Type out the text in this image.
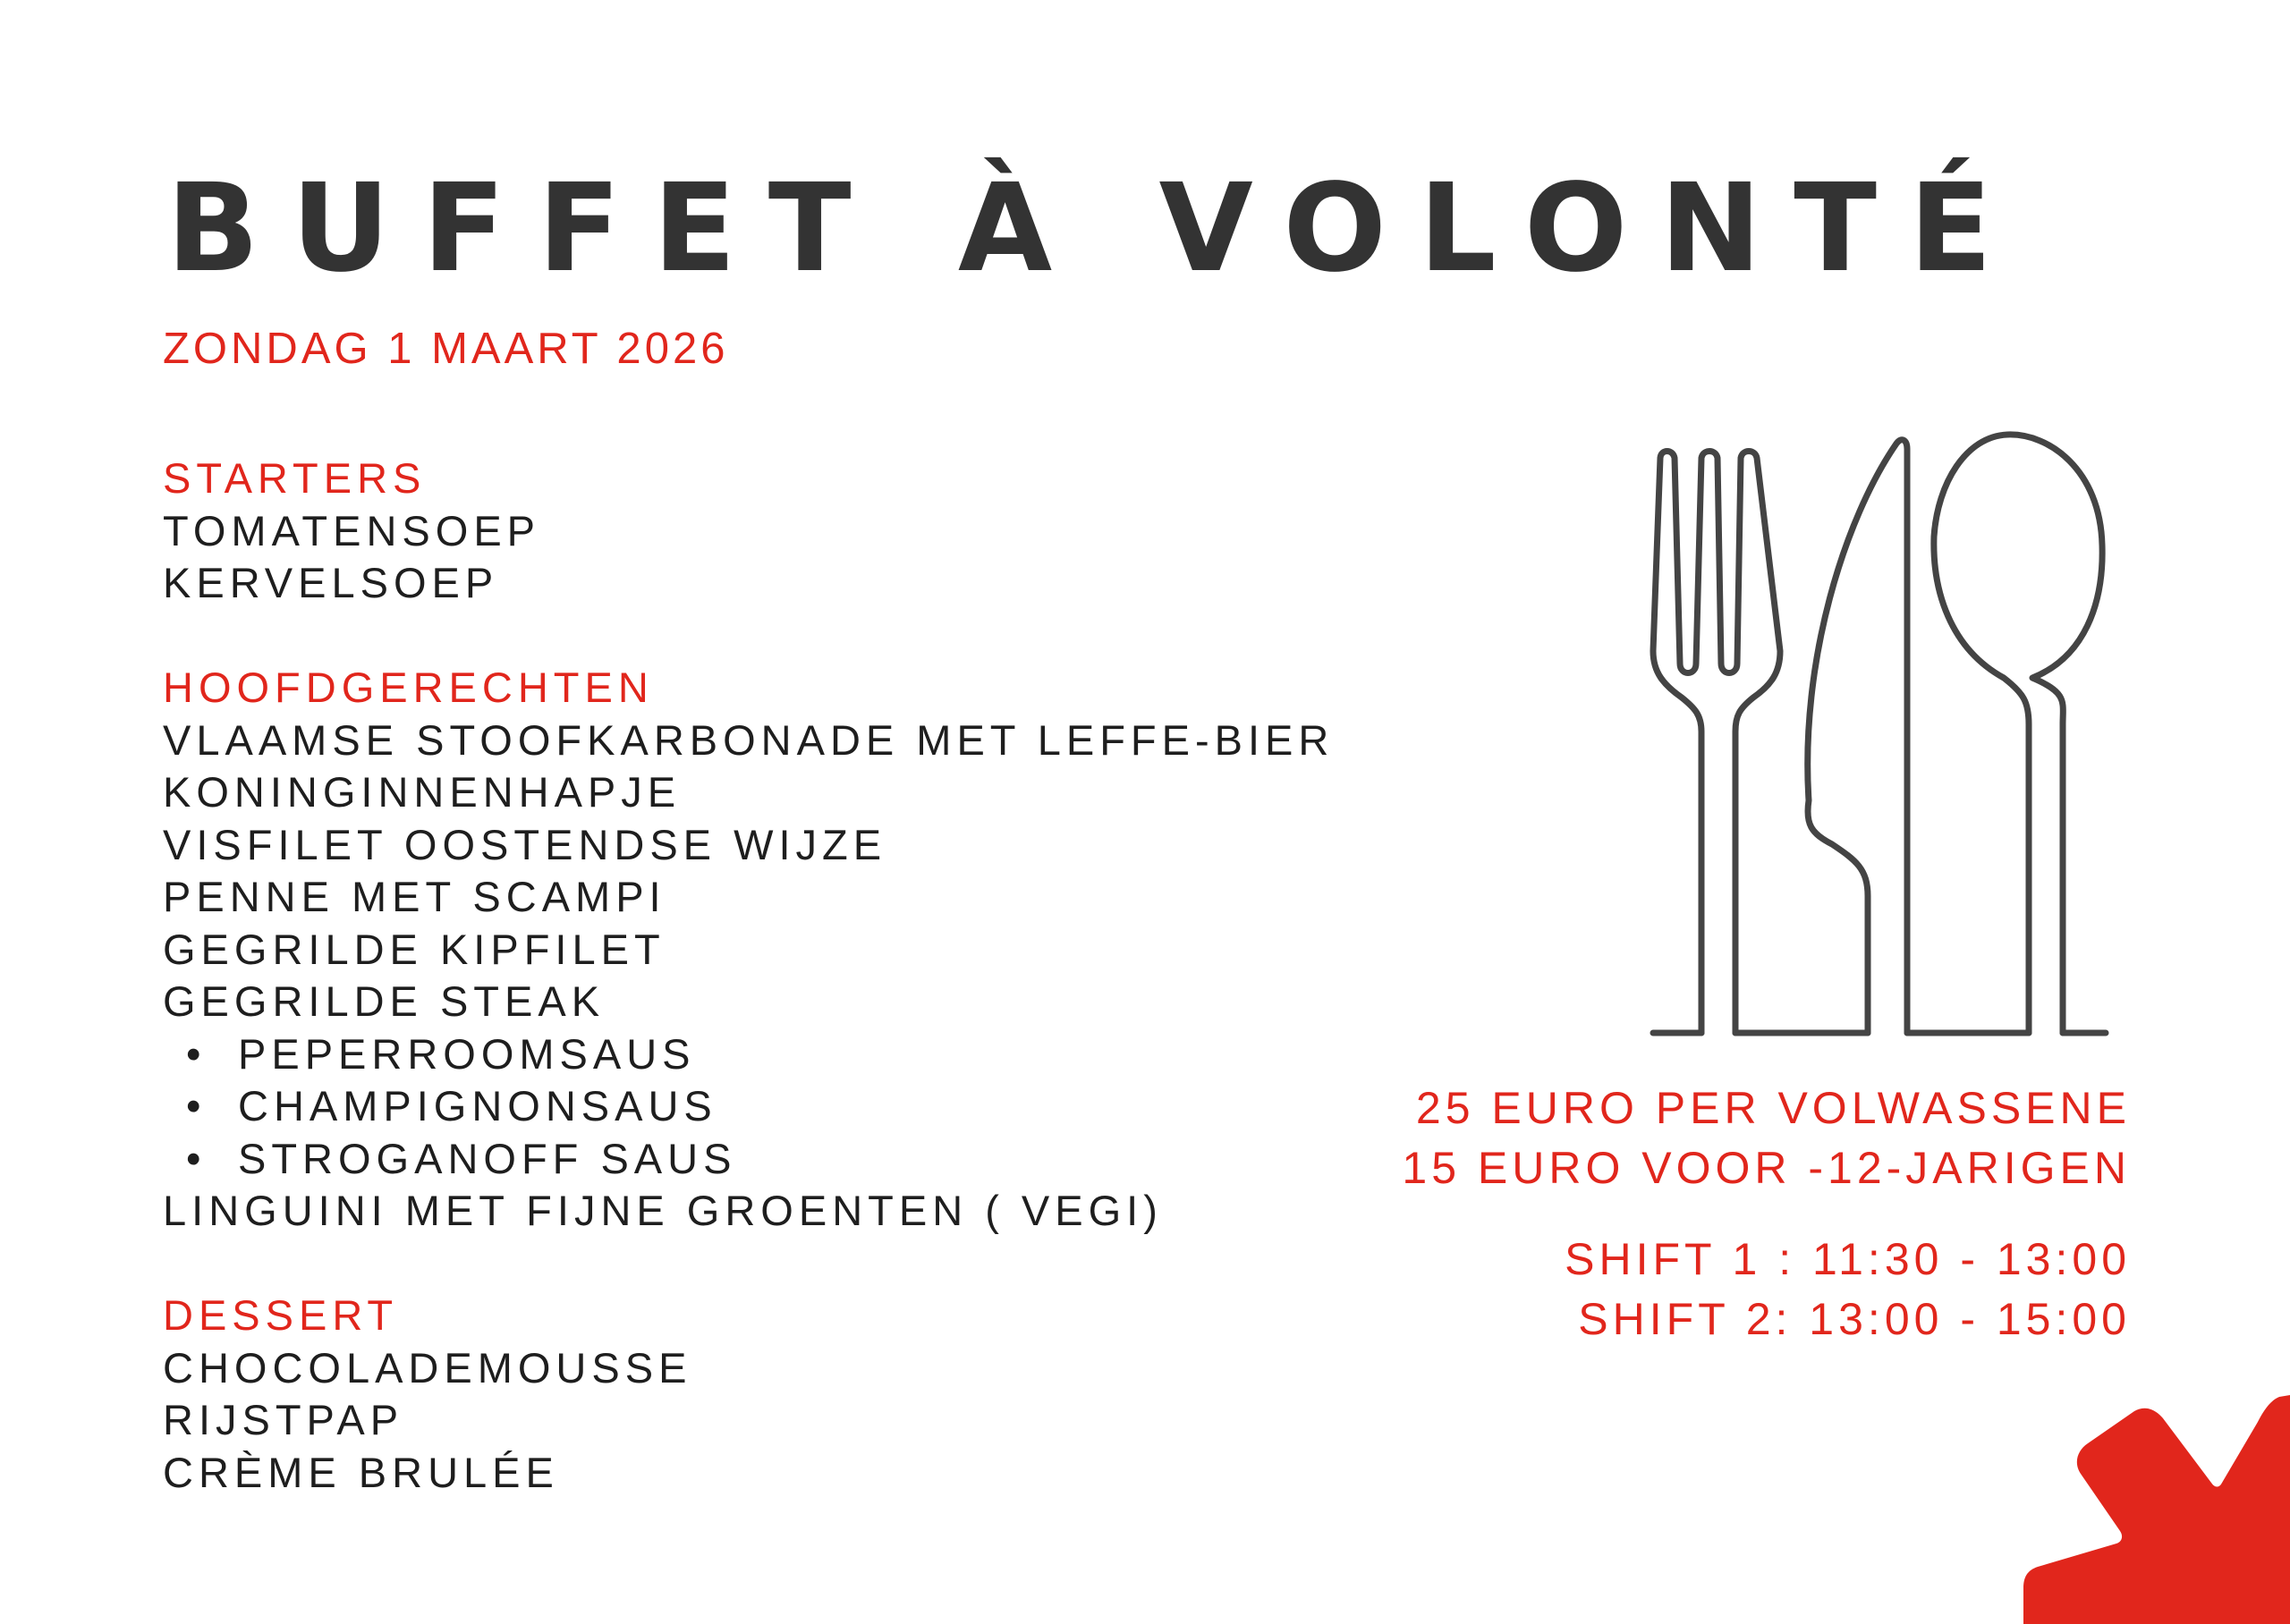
BUFFET À VOLONTÉ
ZONDAG 1 MAART 2026
STARTERS
TOMATENSOEP
KERVELSOEP
HOOFDGERECHTEN
VLAAMSE STOOFKARBONADE MET LEFFE-BIER
KONINGINNENHAPJE
VISFILET OOSTENDSE WIJZE
PENNE MET SCAMPI
GEGRILDE KIPFILET
GEGRILDE STEAK
• PEPERROOMSAUS
• CHAMPIGNONSAUS
• STROGANOFF SAUS
LINGUINI MET FIJNE GROENTEN ( VEGI)
DESSERT
CHOCOLADEMOUSSE
RIJSTPAP
CRÈME BRULÉE
25 EURO PER VOLWASSENE
15 EURO VOOR -12-JARIGEN
SHIFT 1 : 11:30 - 13:00
SHIFT 2: 13:00 - 15:00
